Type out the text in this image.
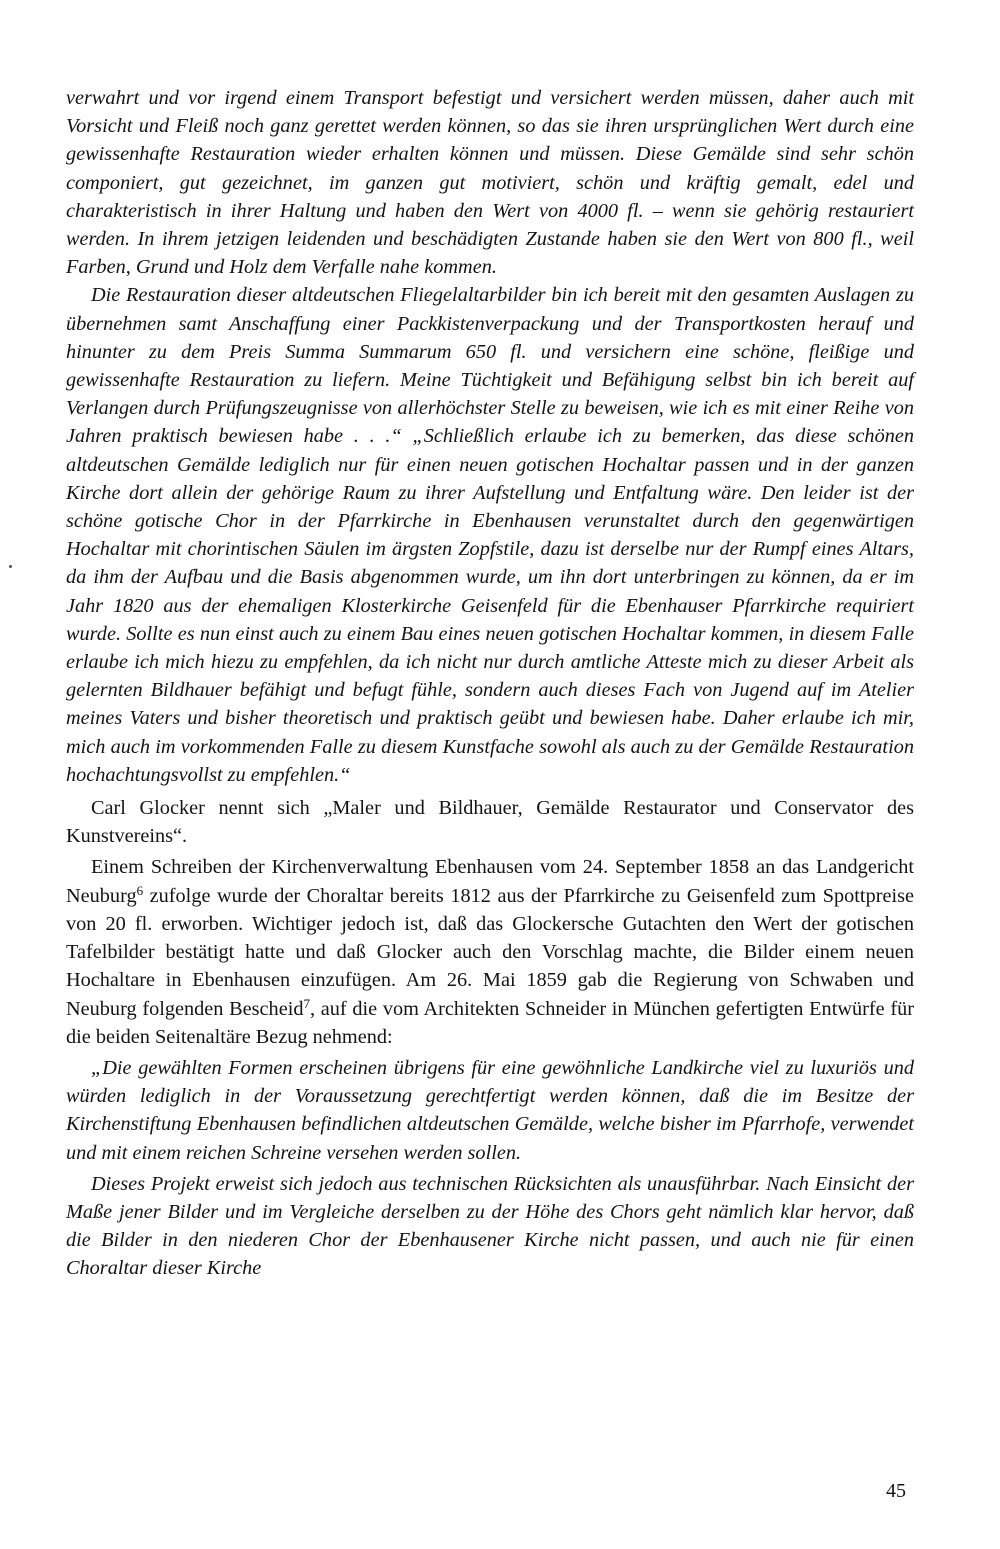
verwahrt und vor irgend einem Transport befestigt und versichert werden müssen, daher auch mit Vorsicht und Fleiß noch ganz gerettet werden können, so das sie ihren ursprünglichen Wert durch eine gewissenhafte Restauration wieder erhalten können und müssen. Diese Gemälde sind sehr schön componiert, gut gezeichnet, im ganzen gut motiviert, schön und kräftig gemalt, edel und charakteristisch in ihrer Haltung und haben den Wert von 4000 fl. – wenn sie gehörig restauriert werden. In ihrem jetzigen leidenden und beschädigten Zustande haben sie den Wert von 800 fl., weil Farben, Grund und Holz dem Verfalle nahe kommen.

Die Restauration dieser altdeutschen Fliegelaltarbilder bin ich bereit mit den gesamten Auslagen zu übernehmen samt Anschaffung einer Packkistenverpackung und der Transportkosten herauf und hinunter zu dem Preis Summa Summarum 650 fl. und versichern eine schöne, fleißige und gewissenhafte Restauration zu liefern. Meine Tüchtigkeit und Befähigung selbst bin ich bereit auf Verlangen durch Prüfungszeugnisse von allerhöchster Stelle zu beweisen, wie ich es mit einer Reihe von Jahren praktisch bewiesen habe . . .“ „Schließlich erlaube ich zu bemerken, das diese schönen altdeutschen Gemälde lediglich nur für einen neuen gotischen Hochaltar passen und in der ganzen Kirche dort allein der gehörige Raum zu ihrer Aufstellung und Entfaltung wäre. Den leider ist der schöne gotische Chor in der Pfarrkirche in Ebenhausen verunstaltet durch den gegenwärtigen Hochaltar mit chorintischen Säulen im ärgsten Zopfstile, dazu ist derselbe nur der Rumpf eines Altars, da ihm der Aufbau und die Basis abgenommen wurde, um ihn dort unterbringen zu können, da er im Jahr 1820 aus der ehemaligen Klosterkirche Geisenfeld für die Ebenhauser Pfarrkirche requiriert wurde. Sollte es nun einst auch zu einem Bau eines neuen gotischen Hochaltar kommen, in diesem Falle erlaube ich mich hiezu zu empfehlen, da ich nicht nur durch amtliche Atteste mich zu dieser Arbeit als gelernten Bildhauer befähigt und befugt fühle, sondern auch dieses Fach von Jugend auf im Atelier meines Vaters und bisher theoretisch und praktisch geübt und bewiesen habe. Daher erlaube ich mir, mich auch im vorkommenden Falle zu diesem Kunstfache sowohl als auch zu der Gemälde Restauration hochachtungsvollst zu empfehlen.“

Carl Glocker nennt sich „Maler und Bildhauer, Gemälde Restaurator und Conservator des Kunstvereins“.

Einem Schreiben der Kirchenverwaltung Ebenhausen vom 24. September 1858 an das Landgericht Neuburg$^6$ zufolge wurde der Choraltar bereits 1812 aus der Pfarrkirche zu Geisenfeld zum Spottpreise von 20 fl. erworben. Wichtiger jedoch ist, daß das Glockersche Gutachten den Wert der gotischen Tafelbilder bestätigt hatte und daß Glocker auch den Vorschlag machte, die Bilder einem neuen Hochaltare in Ebenhausen einzufügen. Am 26. Mai 1859 gab die Regierung von Schwaben und Neuburg folgenden Bescheid$^7$, auf die vom Architekten Schneider in München gefertigten Entwürfe für die beiden Seitenaltäre Bezug nehmend:

„Die gewählten Formen erscheinen übrigens für eine gewöhnliche Landkirche viel zu luxuriös und würden lediglich in der Voraussetzung gerechtfertigt werden können, daß die im Besitze der Kirchenstiftung Ebenhausen befindlichen altdeutschen Gemälde, welche bisher im Pfarrhofe, verwendet und mit einem reichen Schreine versehen werden sollen.

Dieses Projekt erweist sich jedoch aus technischen Rücksichten als unausführbar. Nach Einsicht der Maße jener Bilder und im Vergleiche derselben zu der Höhe des Chors geht nämlich klar hervor, daß die Bilder in den niederen Chor der Ebenhausener Kirche nicht passen, und auch nie für einen Choraltar dieser Kirche

45
